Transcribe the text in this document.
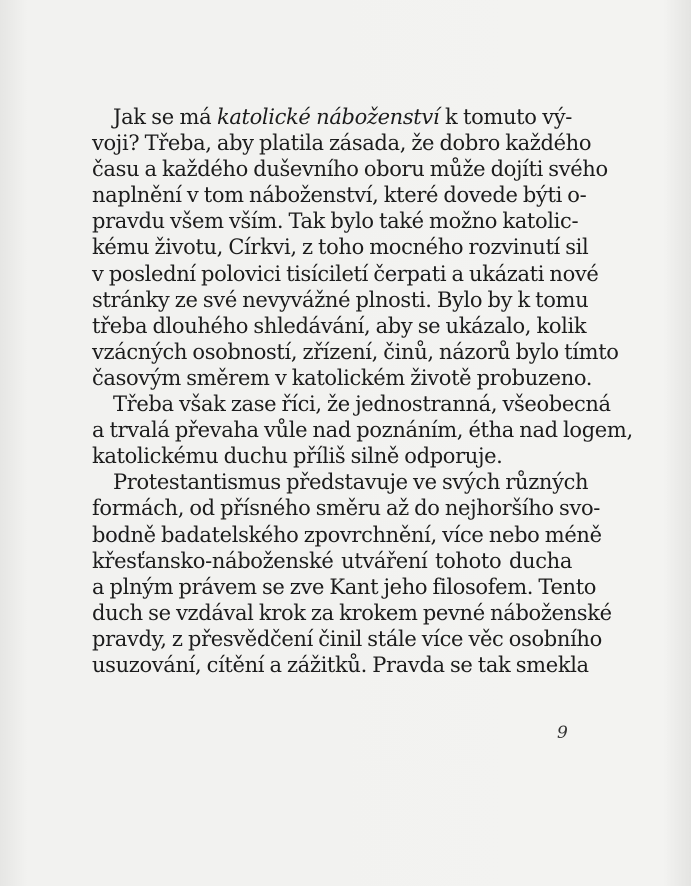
Jak se má katolické náboženství k tomuto vý-
voji? Třeba, aby platila zásada, že dobro každého
času a každého duševního oboru může dojíti svého
naplnění v tom náboženství, které dovede býti o-
pravdu všem vším. Tak bylo také možno katolic-
kému životu, Církvi, z toho mocného rozvinutí sil
v poslední polovici tisíciletí čerpati a ukázati nové
stránky ze své nevyvážné plnosti. Bylo by k tomu
třeba dlouhého shledávání, aby se ukázalo, kolik
vzácných osobností, zřízení, činů, názorů bylo tímto
časovým směrem v katolickém životě probuzeno.
Třeba však zase říci, že jednostranná, všeobecná
a trvalá převaha vůle nad poznáním, étha nad logem,
katolickému duchu příliš silně odporuje.
Protestantismus představuje ve svých různých
formách, od přísného směru až do nejhoršího svo-
bodně badatelského zpovrchnění, více nebo méně
křesťansko-náboženské utváření tohoto ducha
a plným právem se zve Kant jeho filosofem. Tento
duch se vzdával krok za krokem pevné náboženské
pravdy, z přesvědčení činil stále více věc osobního
usuzování, cítění a zážitků. Pravda se tak smekla
9
